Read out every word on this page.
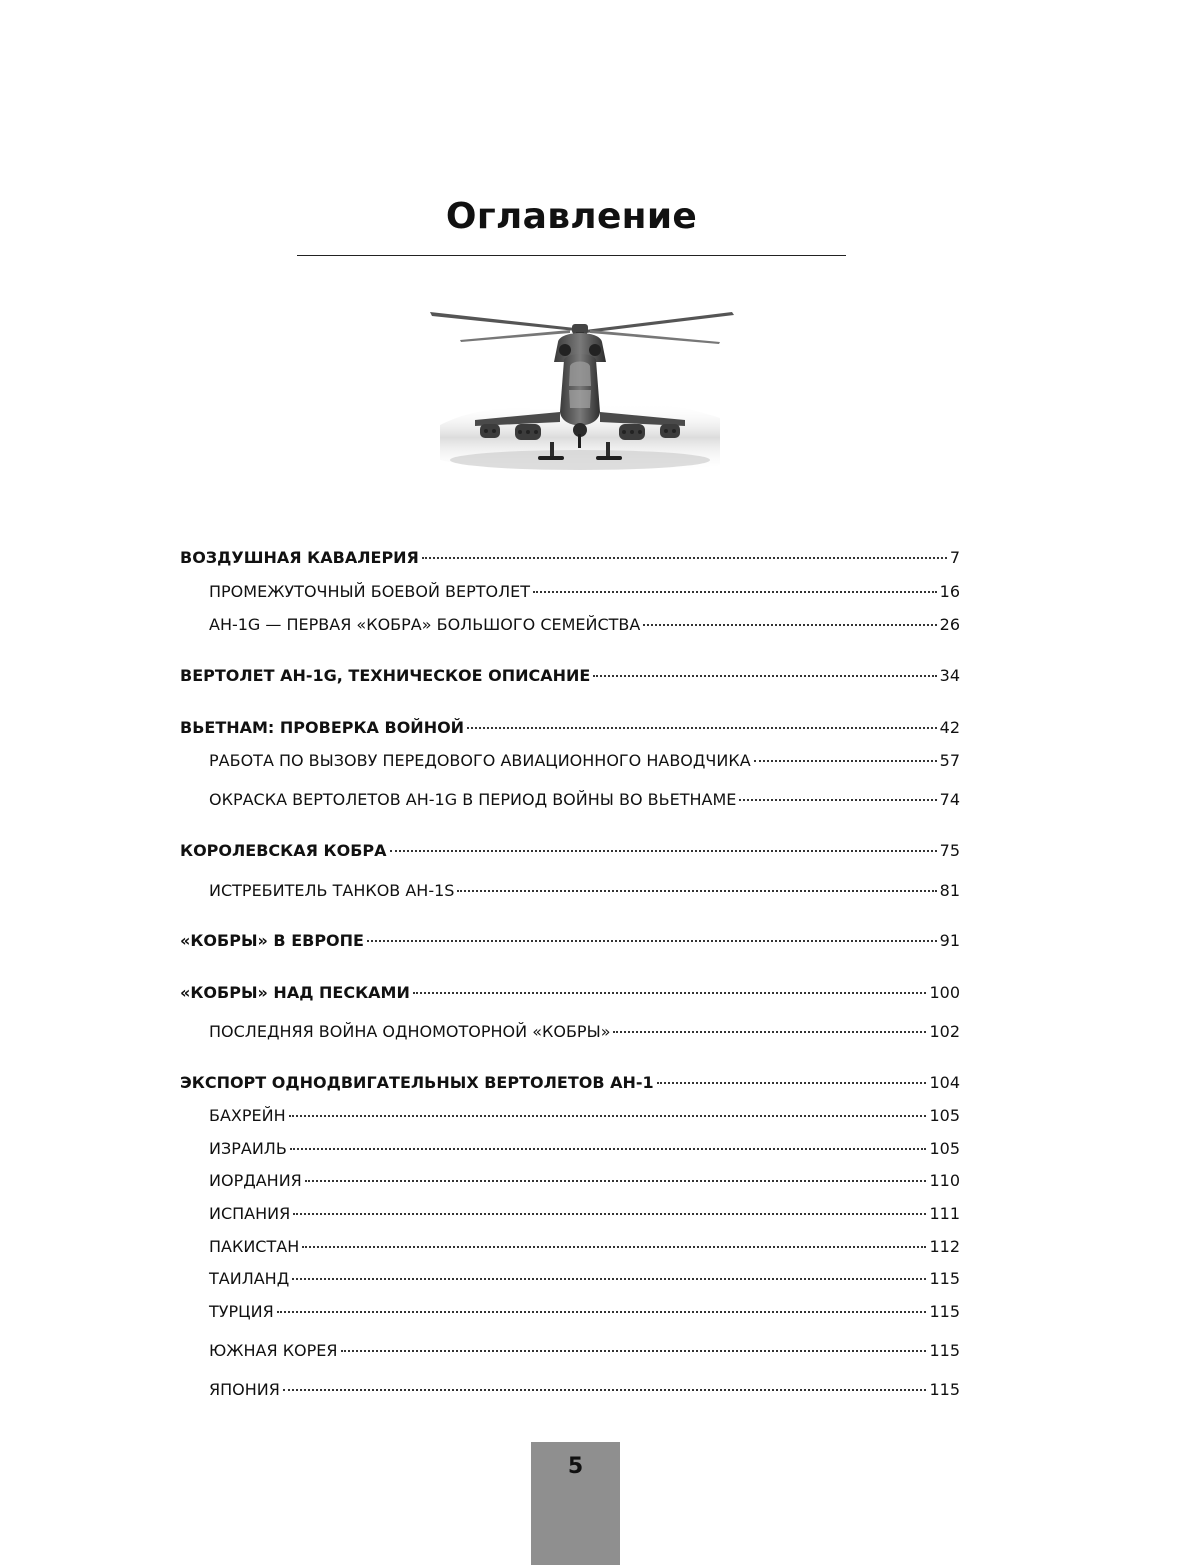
Оглавление
ВОЗДУШНАЯ КАВАЛЕРИЯ	7
ПРОМЕЖУТОЧНЫЙ БОЕВОЙ ВЕРТОЛЕТ	16
AH-1G — ПЕРВАЯ «КОБРА» БОЛЬШОГО СЕМЕЙСТВА	26
ВЕРТОЛЕТ AH-1G, ТЕХНИЧЕСКОЕ ОПИСАНИЕ	34
ВЬЕТНАМ: ПРОВЕРКА ВОЙНОЙ	42
РАБОТА ПО ВЫЗОВУ ПЕРЕДОВОГО АВИАЦИОННОГО НАВОДЧИКА	57
ОКРАСКА ВЕРТОЛЕТОВ AH-1G В ПЕРИОД ВОЙНЫ ВО ВЬЕТНАМЕ	74
КОРОЛЕВСКАЯ КОБРА	75
ИСТРЕБИТЕЛЬ ТАНКОВ AH-1S	81
«КОБРЫ» В ЕВРОПЕ	91
«КОБРЫ» НАД ПЕСКАМИ	100
ПОСЛЕДНЯЯ ВОЙНА ОДНОМОТОРНОЙ «КОБРЫ»	102
ЭКСПОРТ ОДНОДВИГАТЕЛЬНЫХ ВЕРТОЛЕТОВ AH-1	104
БАХРЕЙН	105
ИЗРАИЛЬ	105
ИОРДАНИЯ	110
ИСПАНИЯ	111
ПАКИСТАН	112
ТАИЛАНД	115
ТУРЦИЯ	115
ЮЖНАЯ КОРЕЯ	115
ЯПОНИЯ	115
5
